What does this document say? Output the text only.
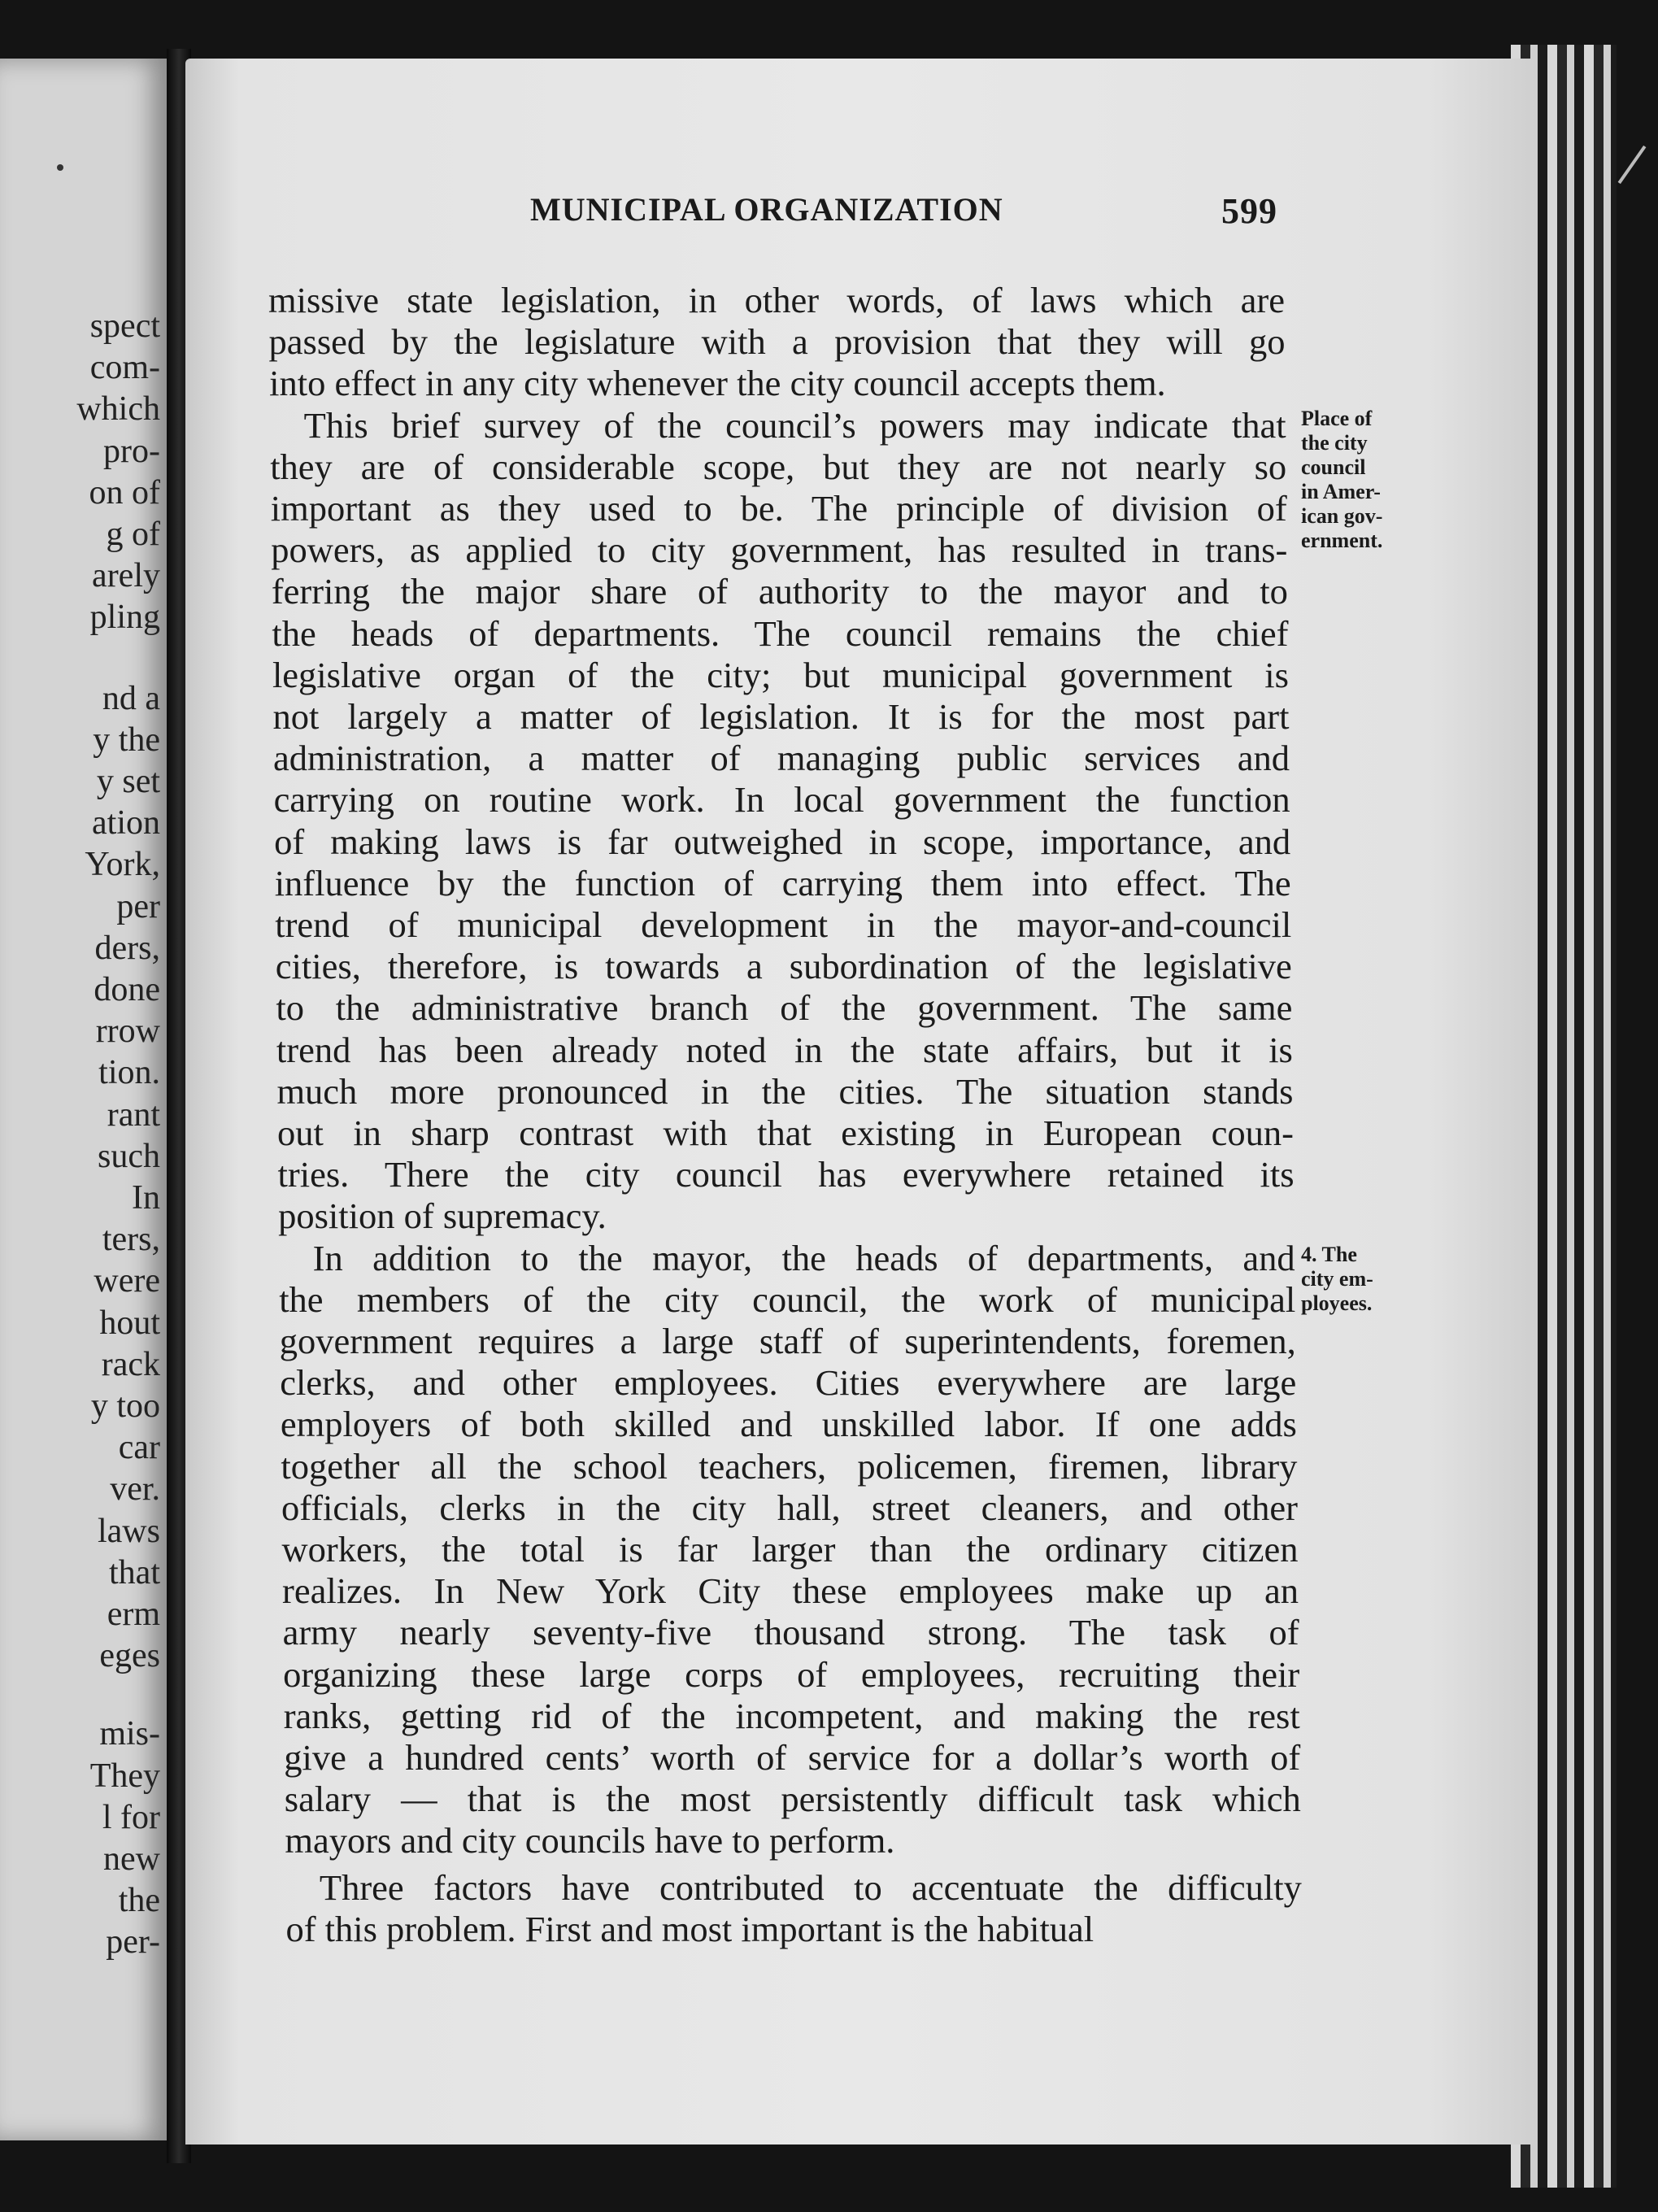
spect
com-
which
pro-
on of
g of
arely
pling
nd a
y the
y set
ation
York,
per
ders,
done
rrow
tion.
rant
such
In
ters,
were
hout
rack
y too
car
ver.
laws
that
erm
eges
mis-
They
l for
new
the
per-
MUNICIPAL ORGANIZATION	599
missive state legislation, in other words, of laws which are
passed by the legislature with a provision that they will go
into effect in any city whenever the city council accepts them.
This brief survey of the council’s powers may indicate that
they are of considerable scope, but they are not nearly so
important as they used to be. The principle of division of
powers, as applied to city government, has resulted in trans-
ferring the major share of authority to the mayor and to
the heads of departments. The council remains the chief
legislative organ of the city; but municipal government is
not largely a matter of legislation. It is for the most part
administration, a matter of managing public services and
carrying on routine work. In local government the function
of making laws is far outweighed in scope, importance, and
influence by the function of carrying them into effect. The
trend of municipal development in the mayor-and-council
cities, therefore, is towards a subordination of the legislative
to the administrative branch of the government. The same
trend has been already noted in the state affairs, but it is
much more pronounced in the cities. The situation stands
out in sharp contrast with that existing in European coun-
tries. There the city council has everywhere retained its
position of supremacy.
In addition to the mayor, the heads of departments, and
the members of the city council, the work of municipal
government requires a large staff of superintendents, foremen,
clerks, and other employees. Cities everywhere are large
employers of both skilled and unskilled labor. If one adds
together all the school teachers, policemen, firemen, library
officials, clerks in the city hall, street cleaners, and other
workers, the total is far larger than the ordinary citizen
realizes. In New York City these employees make up an
army nearly seventy-five thousand strong. The task of
organizing these large corps of employees, recruiting their
ranks, getting rid of the incompetent, and making the rest
give a hundred cents’ worth of service for a dollar’s worth of
salary — that is the most persistently difficult task which
mayors and city councils have to perform.
Three factors have contributed to accentuate the difficulty
of this problem. First and most important is the habitual
Place of
the city
council
in Amer-
ican gov-
ernment.
4. The
city em-
ployees.
